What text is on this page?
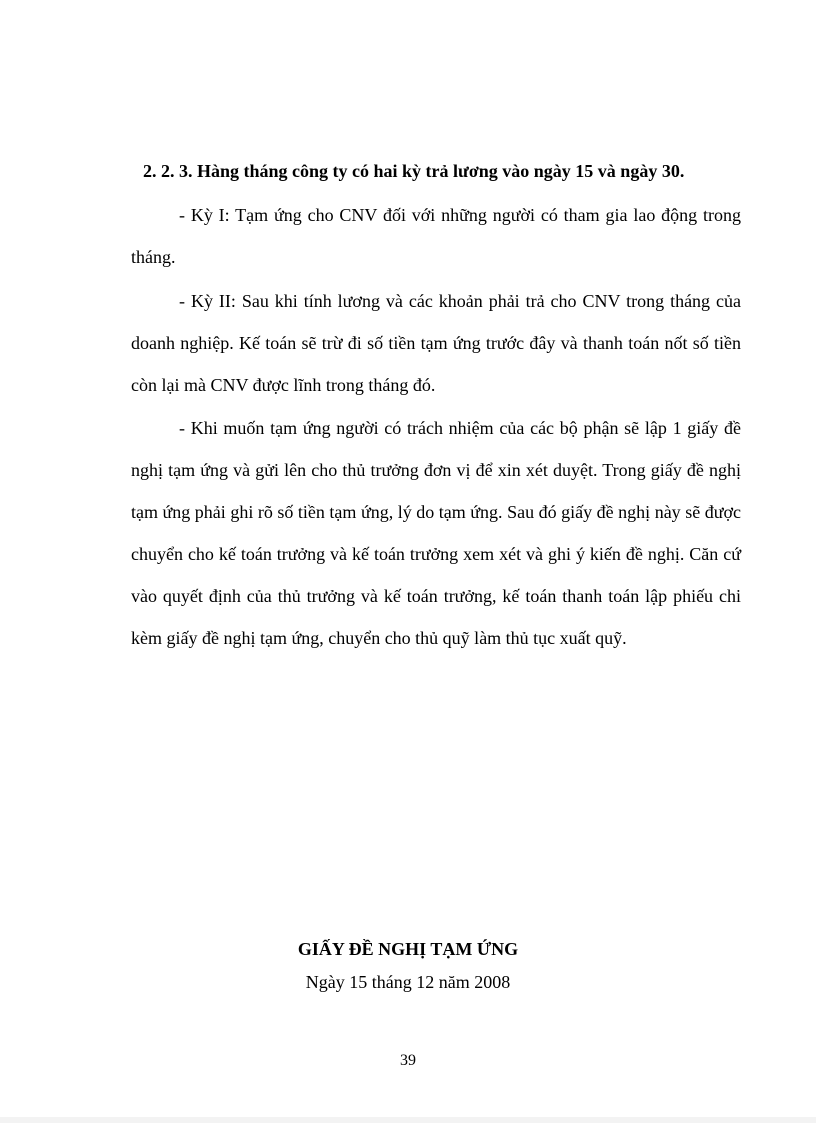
2. 2. 3. Hàng tháng công ty có hai kỳ trả lương vào ngày 15 và ngày 30.

- Kỳ I: Tạm ứng cho CNV đối với những người có tham gia lao động trong tháng.

- Kỳ II: Sau khi tính lương và các khoản phải trả cho CNV trong tháng của doanh nghiệp. Kế toán sẽ trừ đi số tiền tạm ứng trước đây và thanh toán nốt số tiền còn lại mà CNV được lĩnh trong tháng đó.

- Khi muốn tạm ứng người có trách nhiệm của các bộ phận sẽ lập 1 giấy đề nghị tạm ứng và gửi lên cho thủ trưởng đơn vị để xin xét duyệt. Trong giấy đề nghị tạm ứng phải ghi rõ số tiền tạm ứng, lý do tạm ứng. Sau đó giấy đề nghị này sẽ được chuyển cho kế toán trưởng và kế toán trưởng xem xét và ghi ý kiến đề nghị. Căn cứ vào quyết định của thủ trưởng và kế toán trưởng, kế toán thanh toán lập phiếu chi kèm giấy đề nghị tạm ứng, chuyển cho thủ quỹ làm thủ tục xuất quỹ.

GIẤY ĐỀ NGHỊ TẠM ỨNG
Ngày 15 tháng 12 năm 2008
39
